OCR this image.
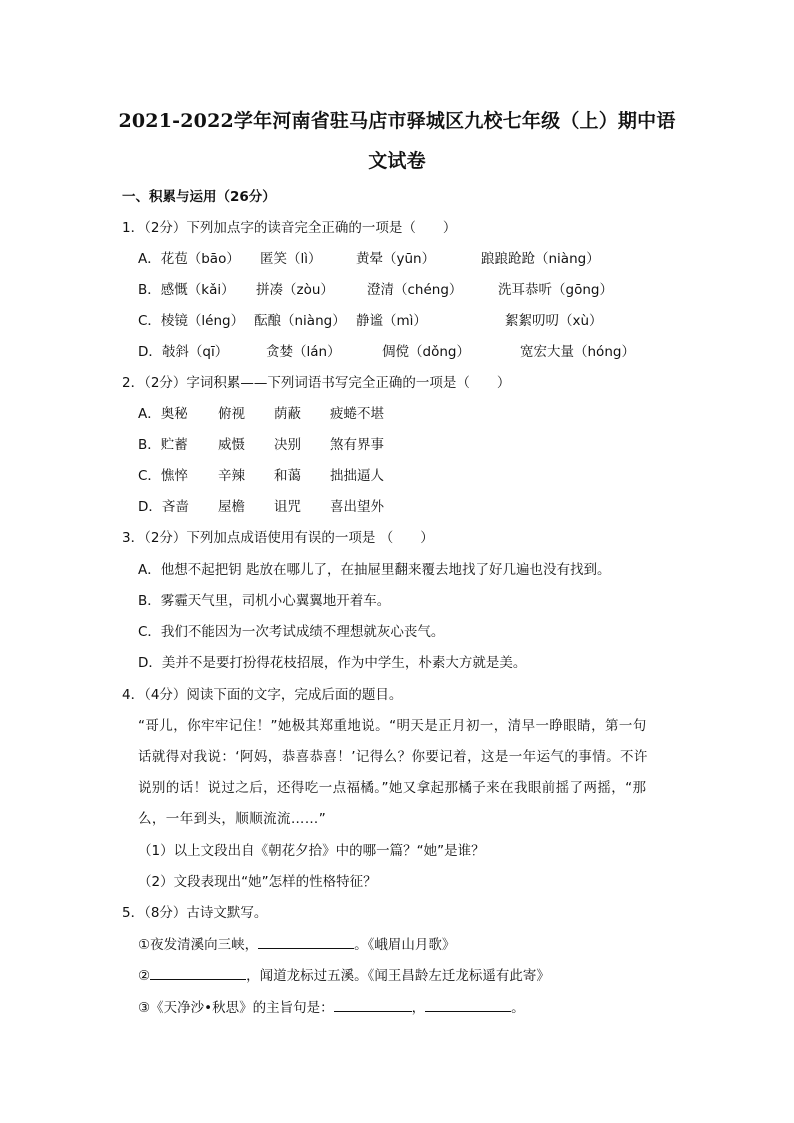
2021-2022学年河南省驻马店市驿城区九校七年级（上）期中语
文试卷
一、积累与运用（26分）
1．（2分）下列加点字的读音完全正确的一项是（　　）
A．花苞（bāo） 匿笑（lì）	黄晕（yūn）	踉踉跄跄（niàng）
B．感慨（kǎi） 拼凑（zòu） 澄清（chéng）	洗耳恭听（gōng）
C．棱镜（léng） 酝酿（niàng） 静谧（mì）	絮絮叨叨（xù）
D．攲斜（qī）	贪婪（lán）	倜傥（dǒng）	宽宏大量（hóng）
2．（2分）字词积累——下列词语书写完全正确的一项是（　　）
A．奥秘 俯视 荫蔽 疲蜷不堪
B．贮蓄 威慑 决别 煞有界事
C．憔悴 辛辣 和蔼 拙拙逼人
D．吝啬 屋檐 诅咒 喜出望外
3．（2分）下列加点成语使用有误的一项是 （　　）
A．他想不起把钥 匙放在哪儿了，在抽屉里翻来覆去地找了好几遍也没有找到。
B．雾霾天气里，司机小心翼翼地开着车。
C．我们不能因为一次考试成绩不理想就灰心丧气。
D．美并不是要打扮得花枝招展，作为中学生，朴素大方就是美。
4．（4分）阅读下面的文字，完成后面的题目。
“哥儿，你牢牢记住！”她极其郑重地说。“明天是正月初一，清早一睁眼睛，第一句
话就得对我说：‘阿妈，恭喜恭喜！’记得么？你要记着，这是一年运气的事情。不许
说别的话！说过之后，还得吃一点福橘。”她又拿起那橘子来在我眼前摇了两摇，“那
么，一年到头，顺顺流流……”
（1）以上文段出自《朝花夕拾》中的哪一篇？“她”是谁？
（2）文段表现出“她”怎样的性格特征？
5．（8分）古诗文默写。
①夜发清溪向三峡，	。《峨眉山月歌》
②	，闻道龙标过五溪。《闻王昌龄左迁龙标遥有此寄》
③《天净沙•秋思》的主旨句是：	，	。
